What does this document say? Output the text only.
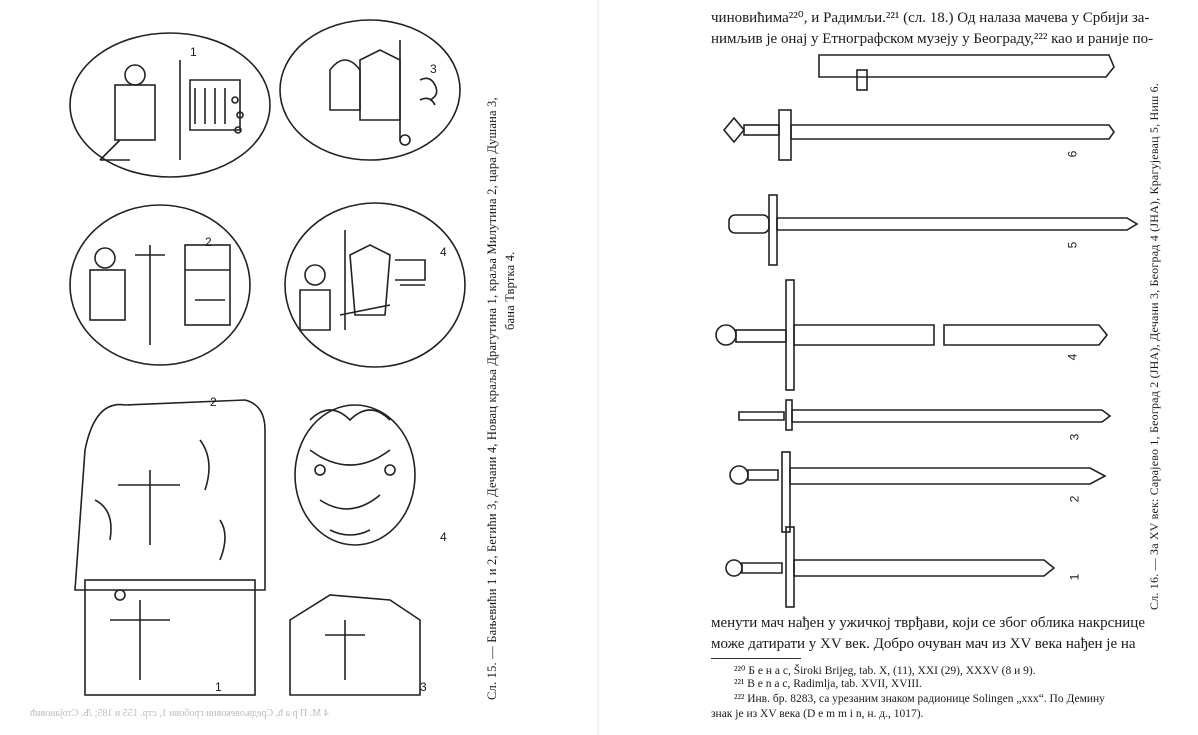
1
2
3
4
2
4
1	3	Сл. 15. — Бањевићи 1 и 2, Бегићи 3, Дечани 4, Новац краља Драгутина 1, краља Милутина 2, цара Душана 3, бана Твртка 4.
4 М. П р а ћ, Средњовековни гробови 1, стр. 155 и 185; Љ. Стојановић
чиновићима²²⁰, и Радимљи.²²¹ (сл. 18.) Од налаза мачева у Србији за-
нимљив је онај у Етнографском музеју у Београду,²²² као и раније по-
6
5
4
3
2
1	Сл. 16. — За XV век: Сарајево 1, Београд 2 (ЈНА), Дечани 3, Београд 4 (ЈНА), Крагујевац 5, Ниш 6.
менути мач нађен у ужичкој тврђави, који се због облика накрснице
може датирати у XV век. Добро очуван мач из XV века нађен је на
²²⁰ Б е н а с, Široki Brijeg, tab. X, (11), XXI (29), XXXV (8 и 9).
²²¹ B e n a c, Radimlja, tab. XVII, XVIII.
²²² Инв. бр. 8283, са урезаним знаком радионице Solingen „xxx“. По Демину
знак је из XV века (D e m m i n, н. д., 1017).
